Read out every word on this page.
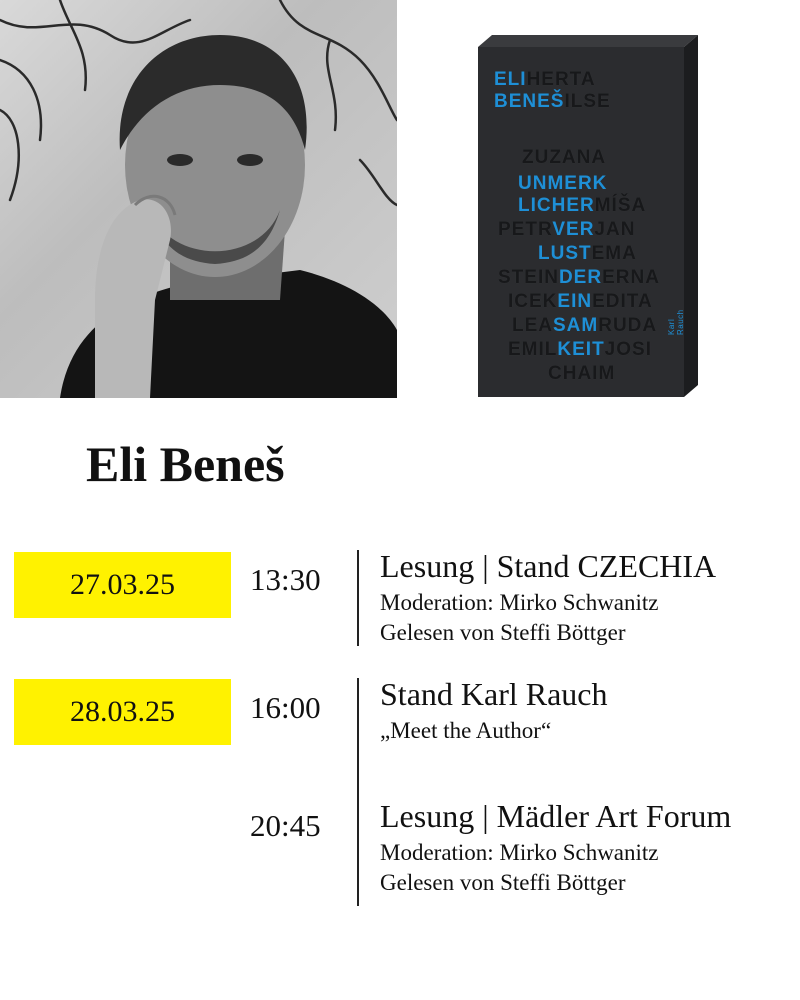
ELIHERTA
BENEŠILSE
ZUZANA
UNMERK
LICHERMÍŠA
PETRVERJAN
LUSTEMA
STEINDERERNA
ICEKEINEDITA
LEASAMRUDA
EMILKEITJOSI
CHAIM
Karl Rauch
Eli Beneš
27.03.25	13:30 Lesung | Stand CZECHIA
Moderation: Mirko Schwanitz
Gelesen von Steffi Böttger
28.03.25	16:00 Stand Karl Rauch
„Meet the Author“
20:45 Lesung | Mädler Art Forum
Moderation: Mirko Schwanitz
Gelesen von Steffi Böttger
